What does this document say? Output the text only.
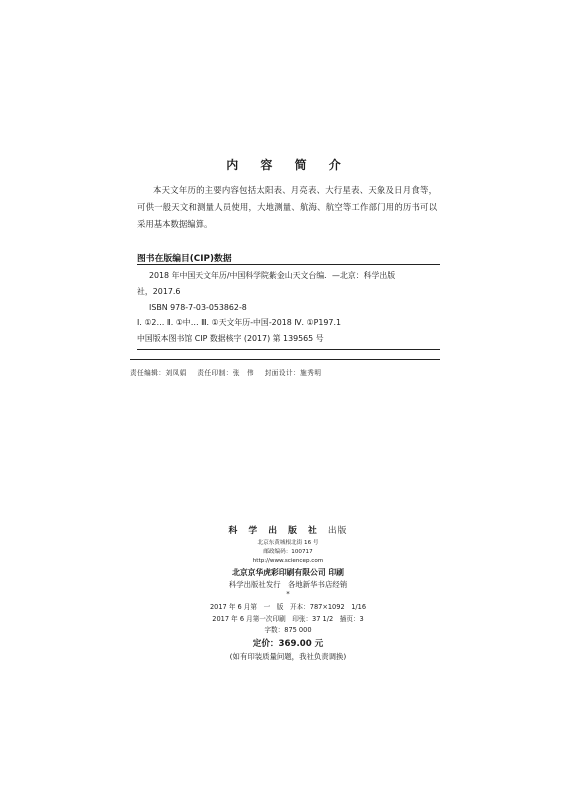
内 容 简 介

本天文年历的主要内容包括太阳表、月亮表、大行星表、天象及日月食等，可供一般天文和测量人员使用，大地测量、航海、航空等工作部门用的历书可以采用基本数据编算。

图书在版编目(CIP)数据
2018 年中国天文年历/中国科学院紫金山天文台编．—北京：科学出版
社，2017.6
ISBN 978-7-03-053862-8
Ⅰ. ①2… Ⅱ. ①中… Ⅲ. ①天文年历-中国-2018 Ⅳ. ①P197.1
中国版本图书馆 CIP 数据核字 (2017) 第 139565 号
责任编辑：刘凤娟 责任印制：张　伟 封面设计：施秀明
科 学 出 版 社 出版
北京东黄城根北街 16 号
邮政编码：100717
http://www.sciencep.com
北京京华虎彩印刷有限公司 印刷
科学出版社发行　各地新华书店经销
*
2017 年 6 月第　一　版　开本：787×1092　1/16
2017 年 6 月第一次印刷　印张：37 1/2　插页：3
字数：875 000
定价：369.00 元
(如有印装质量问题，我社负责调换)
